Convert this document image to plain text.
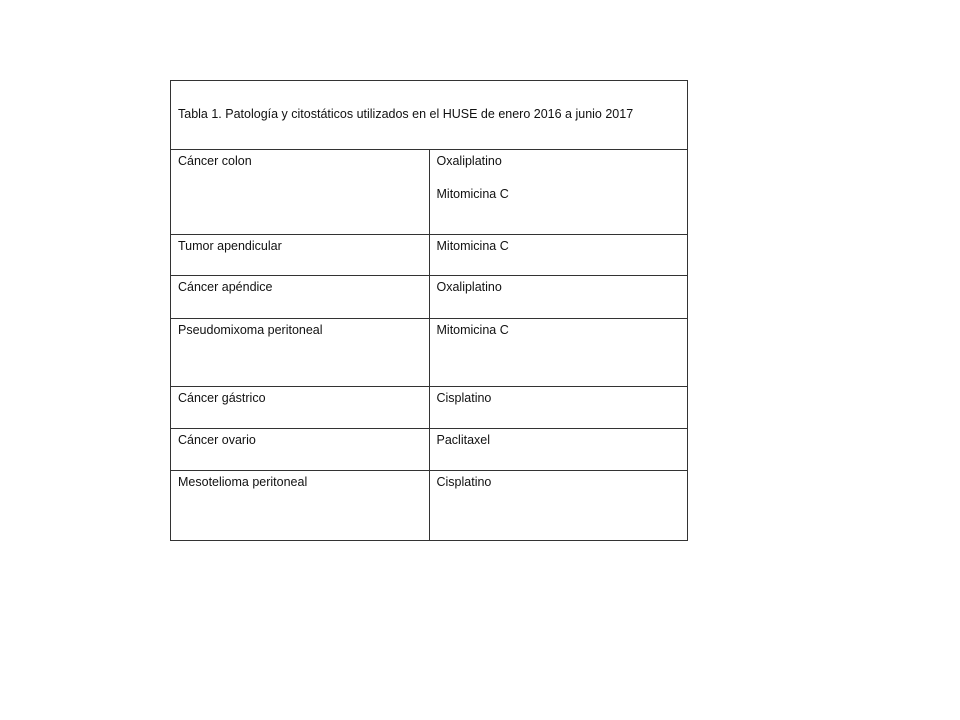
Tabla 1. Patología y citostáticos utilizados en el HUSE de enero 2016 a junio 2017	
Cáncer colon	Oxaliplatino
Mitomicina C

Tumor apendicular	Mitomicina C

Cáncer apéndice	Oxaliplatino

Pseudomixoma peritoneal	Mitomicina C

Cáncer gástrico	Cisplatino

Cáncer ovario	Paclitaxel

Mesotelioma peritoneal	Cisplatino
